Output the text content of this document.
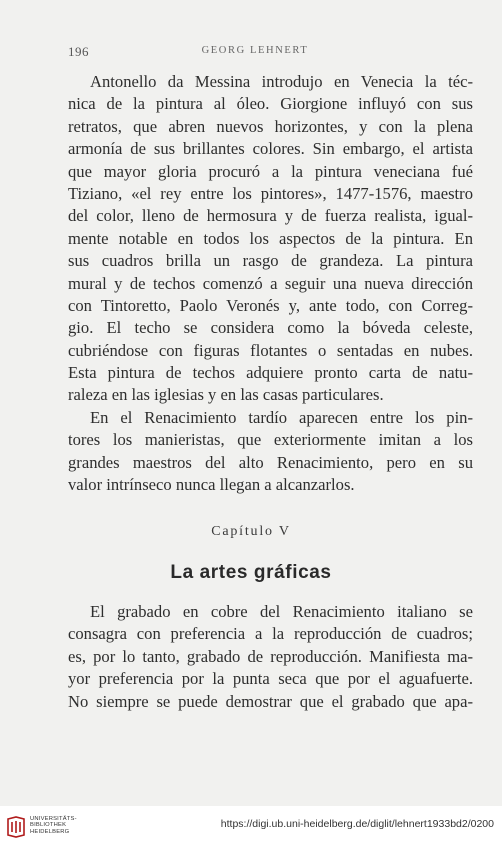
196	GEORG LEHNERT
Antonello da Messina introdujo en Venecia la téc-
nica de la pintura al óleo. Giorgione influyó con sus
retratos, que abren nuevos horizontes, y con la plena
armonía de sus brillantes colores. Sin embargo, el artista
que mayor gloria procuró a la pintura veneciana fué
Tiziano, «el rey entre los pintores», 1477-1576, maestro
del color, lleno de hermosura y de fuerza realista, igual-
mente notable en todos los aspectos de la pintura. En
sus cuadros brilla un rasgo de grandeza. La pintura
mural y de techos comenzó a seguir una nueva dirección
con Tintoretto, Paolo Veronés y, ante todo, con Correg-
gio. El techo se considera como la bóveda celeste,
cubriéndose con figuras flotantes o sentadas en nubes.
Esta pintura de techos adquiere pronto carta de natu-
raleza en las iglesias y en las casas particulares.
En el Renacimiento tardío aparecen entre los pin-
tores los manieristas, que exteriormente imitan a los
grandes maestros del alto Renacimiento, pero en su
valor intrínseco nunca llegan a alcanzarlos.
Capítulo V
La artes gráficas
El grabado en cobre del Renacimiento italiano se
consagra con preferencia a la reproducción de cuadros;
es, por lo tanto, grabado de reproducción. Manifiesta ma-
yor preferencia por la punta seca que por el aguafuerte.
No siempre se puede demostrar que el grabado que apa-
UNIVERSITÄTS-
BIBLIOTHEK
HEIDELBERG
https://digi.ub.uni-heidelberg.de/diglit/lehnert1933bd2/0200
